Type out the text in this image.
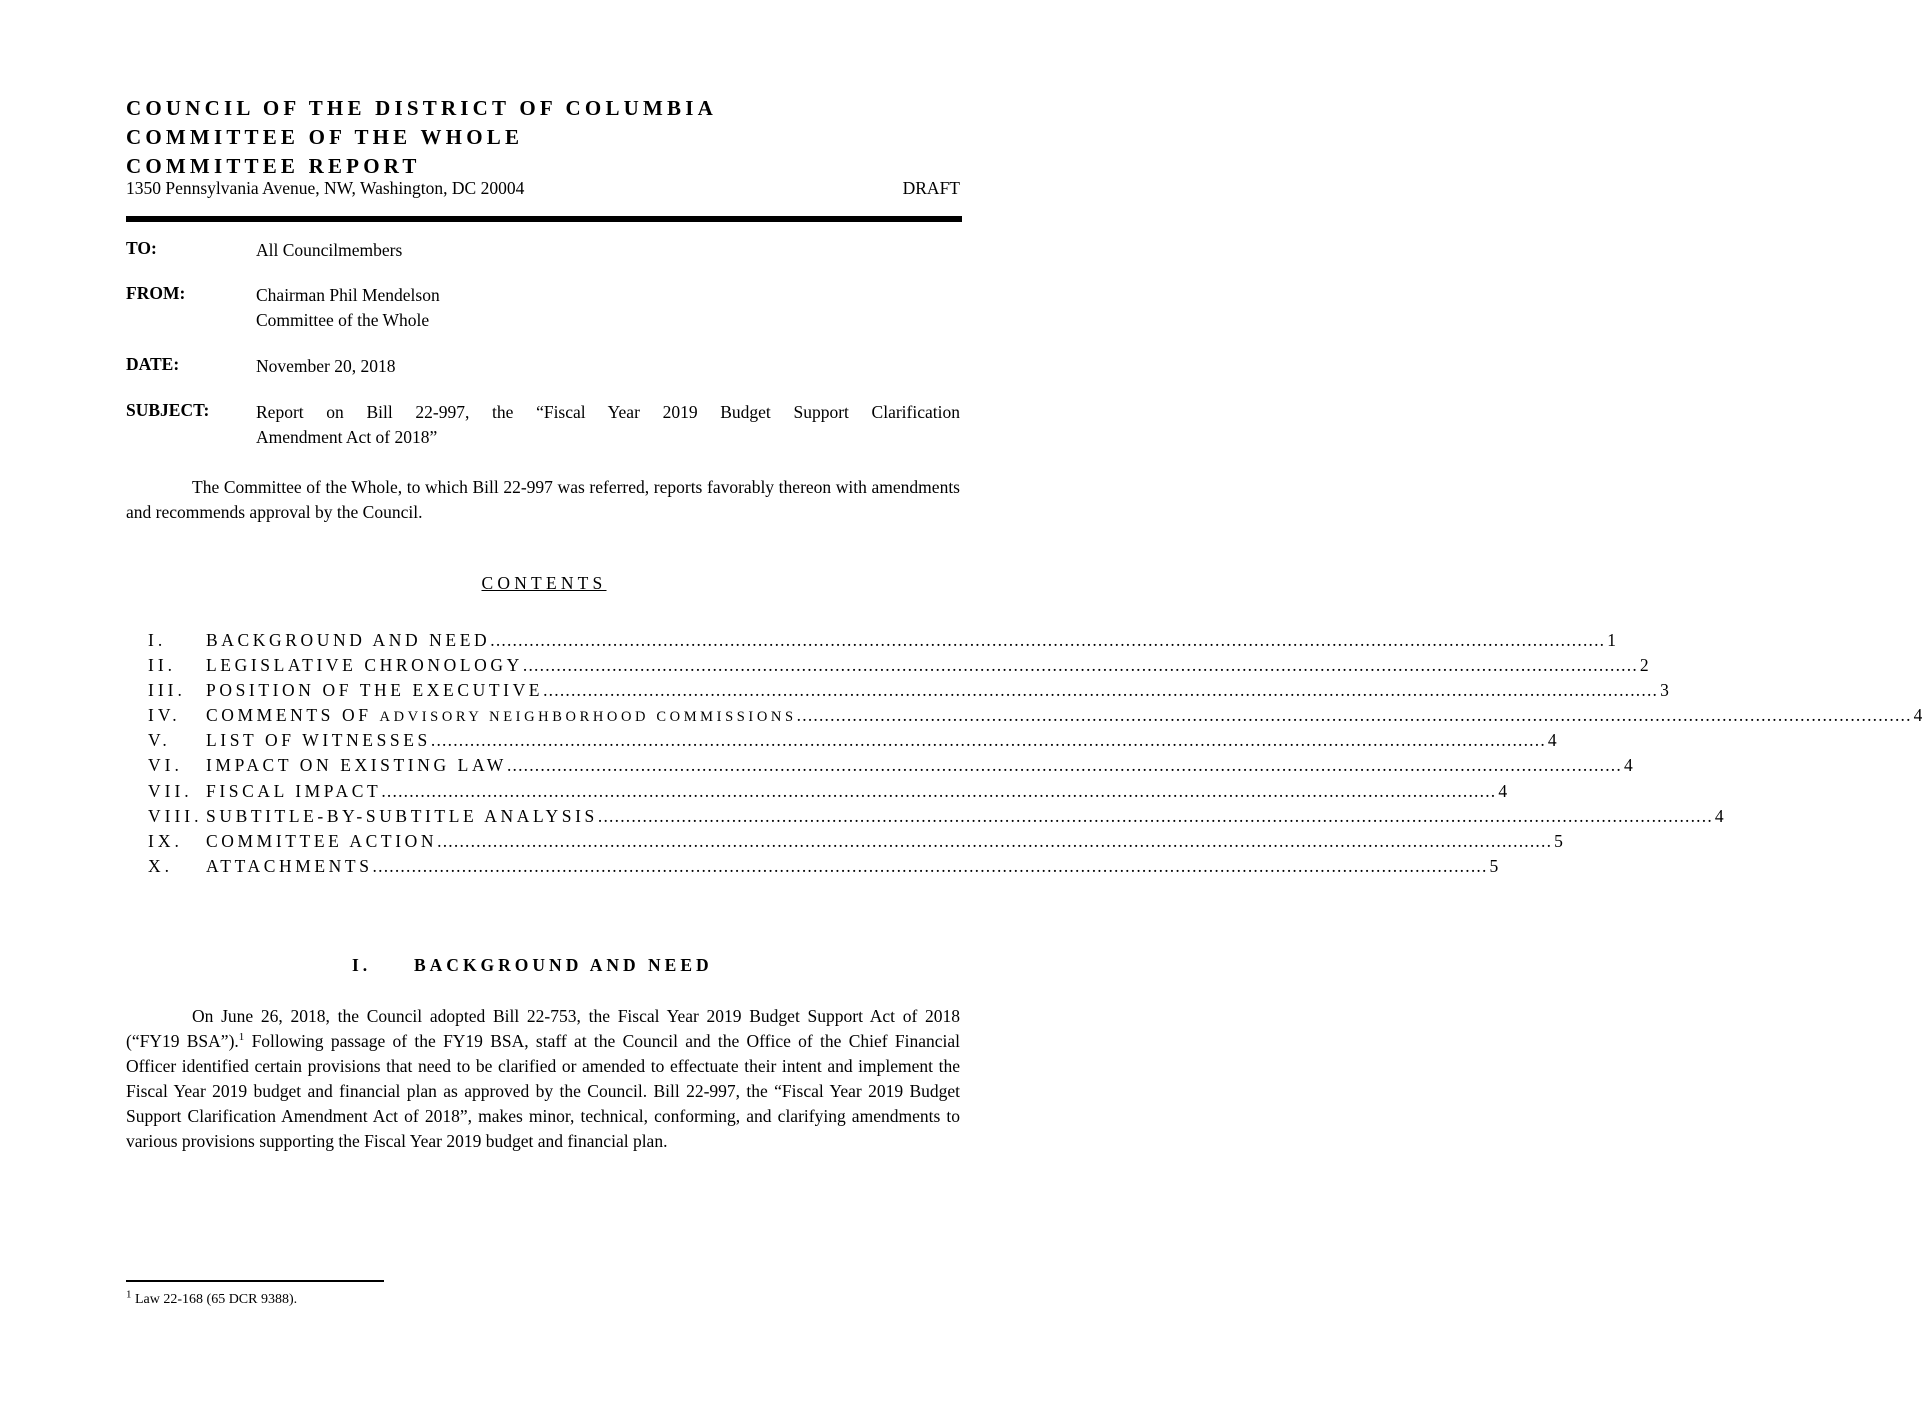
COUNCIL OF THE DISTRICT OF COLUMBIA
COMMITTEE OF THE WHOLE
COMMITTEE REPORT
1350 Pennsylvania Avenue, NW, Washington, DC 20004	DRAFT
TO:	All Councilmembers
FROM:	Chairman Phil Mendelson
Committee of the Whole
DATE:	November 20, 2018
SUBJECT:	Report on Bill 22-997, the “Fiscal Year 2019 Budget Support Clarification
Amendment Act of 2018”

The Committee of the Whole, to which Bill 22-997 was referred, reports favorably thereon with amendments and recommends approval by the Council.

CONTENTS
I.	BACKGROUND AND NEED ........................................................................................................................................................................................................ 1
II.	LEGISLATIVE CHRONOLOGY ........................................................................................................................................................................................................ 2
III.	POSITION OF THE EXECUTIVE ........................................................................................................................................................................................................ 3
IV.	COMMENTS OF ADVISORY NEIGHBORHOOD COMMISSIONS ........................................................................................................................................................................................................ 4
V.	LIST OF WITNESSES ........................................................................................................................................................................................................ 4
VI.	IMPACT ON EXISTING LAW ........................................................................................................................................................................................................ 4
VII. FISCAL IMPACT ........................................................................................................................................................................................................ 4
VIII. SUBTITLE-BY-SUBTITLE ANALYSIS ........................................................................................................................................................................................................ 4
IX.	COMMITTEE ACTION ........................................................................................................................................................................................................ 5
X.	ATTACHMENTS ........................................................................................................................................................................................................ 5
I. BACKGROUND AND NEED

On June 26, 2018, the Council adopted Bill 22-753, the Fiscal Year 2019 Budget Support Act of 2018 (“FY19 BSA”).$^1$ Following passage of the FY19 BSA, staff at the Council and the Office of the Chief Financial Officer identified certain provisions that need to be clarified or amended to effectuate their intent and implement the Fiscal Year 2019 budget and financial plan as approved by the Council. Bill 22-997, the “Fiscal Year 2019 Budget Support Clarification Amendment Act of 2018”, makes minor, technical, conforming, and clarifying amendments to various provisions supporting the Fiscal Year 2019 budget and financial plan.

$^1$ Law 22-168 (65 DCR 9388).
